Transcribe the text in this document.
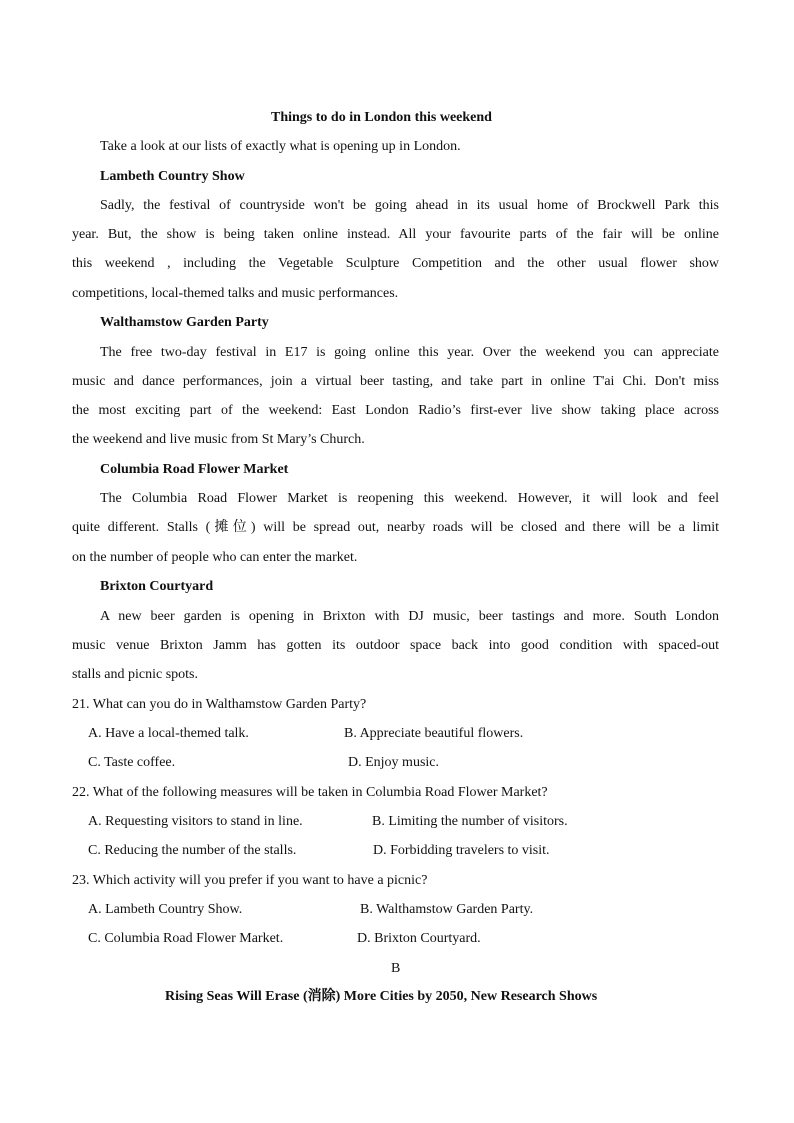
Things to do in London this weekend
Take a look at our lists of exactly what is opening up in London.
Lambeth Country Show
Sadly, the festival of countryside won't be going ahead in its usual home of Brockwell Park this
year. But, the show is being taken online instead. All your favourite parts of the fair will be online
this weekend , including the Vegetable Sculpture Competition and the other usual flower show
competitions, local-themed talks and music performances.
Walthamstow Garden Party
The free two-day festival in E17 is going online this year. Over the weekend you can appreciate
music and dance performances, join a virtual beer tasting, and take part in online T'ai Chi. Don't miss
the most exciting part of the weekend: East London Radio’s first-ever live show taking place across
the weekend and live music from St Mary’s Church.
Columbia Road Flower Market
The Columbia Road Flower Market is reopening this weekend. However, it will look and feel
quite different. Stalls (摊位) will be spread out, nearby roads will be closed and there will be a limit
on the number of people who can enter the market.
Brixton Courtyard
A new beer garden is opening in Brixton with DJ music, beer tastings and more. South London
music venue Brixton Jamm has gotten its outdoor space back into good condition with spaced-out
stalls and picnic spots.
21. What can you do in Walthamstow Garden Party?
A. Have a local-themed talk.	B. Appreciate beautiful flowers.
C. Taste coffee.	D. Enjoy music.
22. What of the following measures will be taken in Columbia Road Flower Market?
A. Requesting visitors to stand in line.	B. Limiting the number of visitors.
C. Reducing the number of the stalls.	D. Forbidding travelers to visit.
23. Which activity will you prefer if you want to have a picnic?
A. Lambeth Country Show.	B. Walthamstow Garden Party.
C. Columbia Road Flower Market.	D. Brixton Courtyard.
B
Rising Seas Will Erase (消除) More Cities by 2050, New Research Shows
